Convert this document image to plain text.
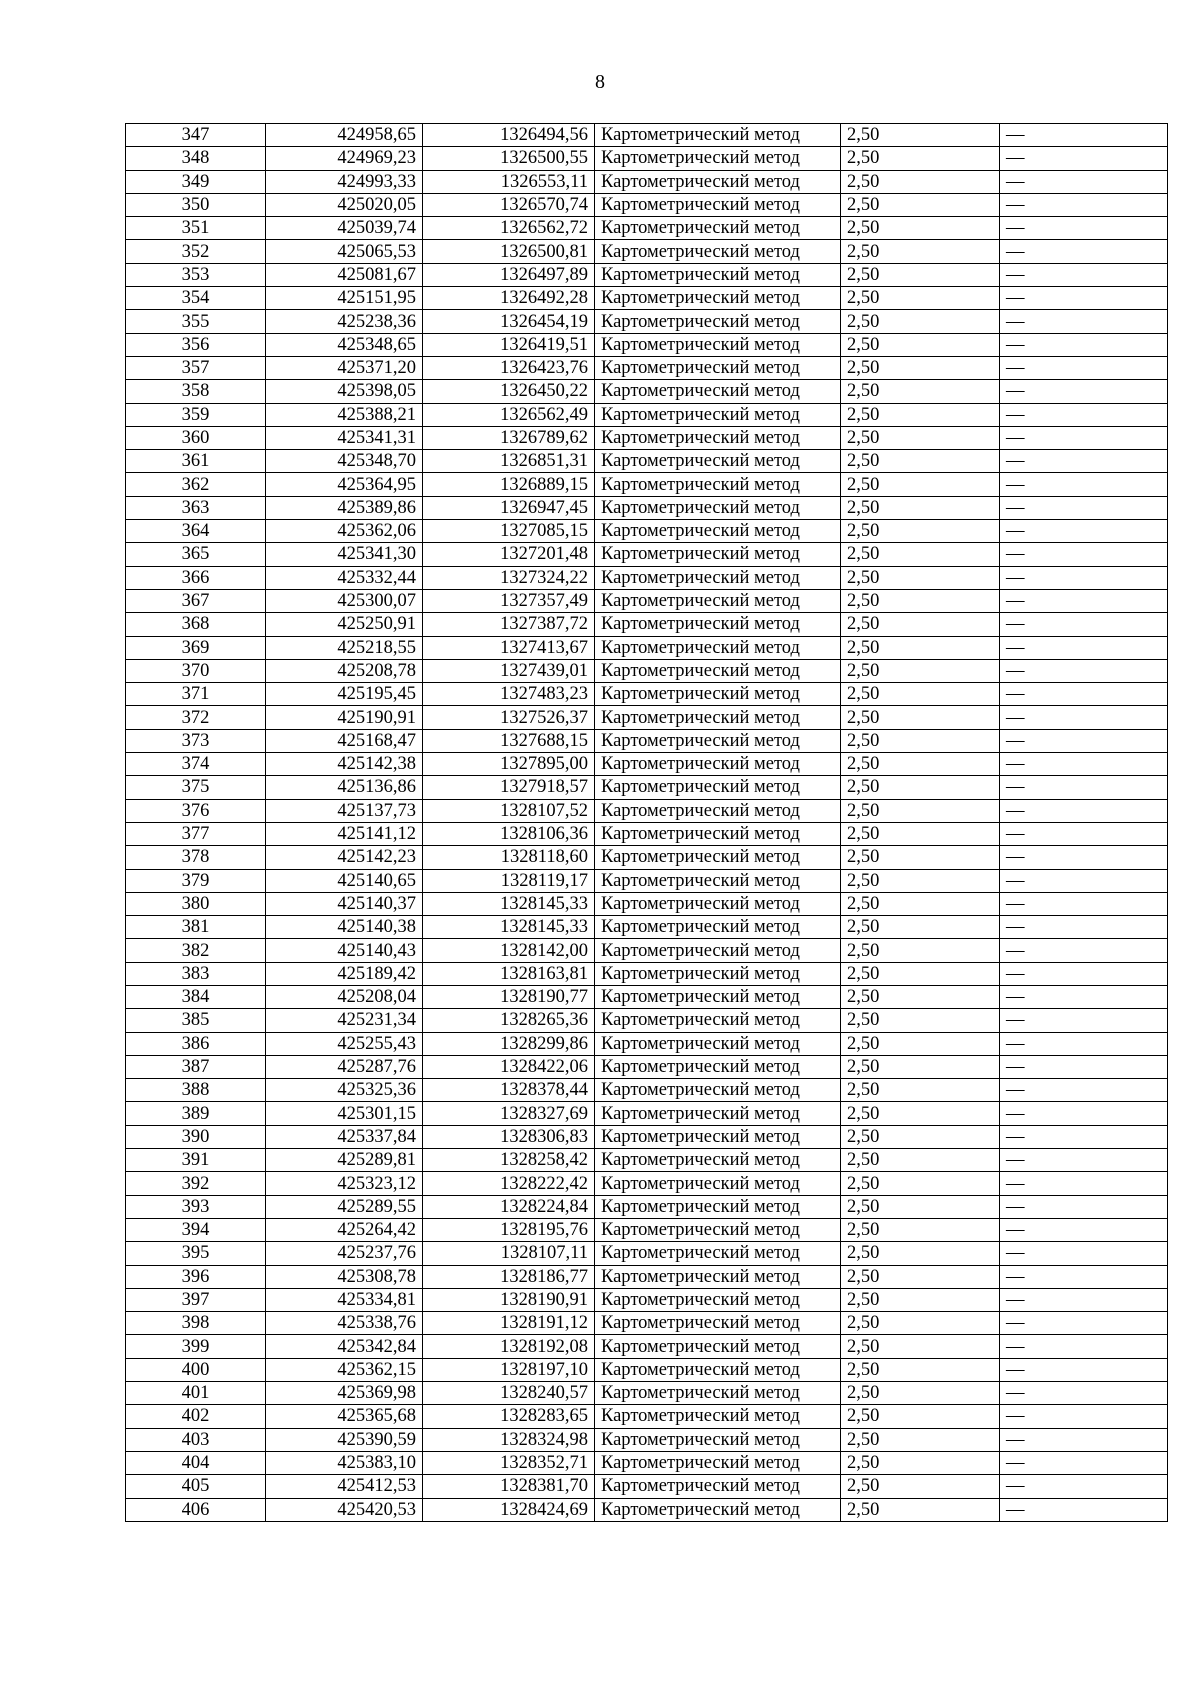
8
347	424958,65	1326494,56	Картометрический метод	2,50	—
348	424969,23	1326500,55	Картометрический метод	2,50	—
349	424993,33	1326553,11	Картометрический метод	2,50	—
350	425020,05	1326570,74	Картометрический метод	2,50	—
351	425039,74	1326562,72	Картометрический метод	2,50	—
352	425065,53	1326500,81	Картометрический метод	2,50	—
353	425081,67	1326497,89	Картометрический метод	2,50	—
354	425151,95	1326492,28	Картометрический метод	2,50	—
355	425238,36	1326454,19	Картометрический метод	2,50	—
356	425348,65	1326419,51	Картометрический метод	2,50	—
357	425371,20	1326423,76	Картометрический метод	2,50	—
358	425398,05	1326450,22	Картометрический метод	2,50	—
359	425388,21	1326562,49	Картометрический метод	2,50	—
360	425341,31	1326789,62	Картометрический метод	2,50	—
361	425348,70	1326851,31	Картометрический метод	2,50	—
362	425364,95	1326889,15	Картометрический метод	2,50	—
363	425389,86	1326947,45	Картометрический метод	2,50	—
364	425362,06	1327085,15	Картометрический метод	2,50	—
365	425341,30	1327201,48	Картометрический метод	2,50	—
366	425332,44	1327324,22	Картометрический метод	2,50	—
367	425300,07	1327357,49	Картометрический метод	2,50	—
368	425250,91	1327387,72	Картометрический метод	2,50	—
369	425218,55	1327413,67	Картометрический метод	2,50	—
370	425208,78	1327439,01	Картометрический метод	2,50	—
371	425195,45	1327483,23	Картометрический метод	2,50	—
372	425190,91	1327526,37	Картометрический метод	2,50	—
373	425168,47	1327688,15	Картометрический метод	2,50	—
374	425142,38	1327895,00	Картометрический метод	2,50	—
375	425136,86	1327918,57	Картометрический метод	2,50	—
376	425137,73	1328107,52	Картометрический метод	2,50	—
377	425141,12	1328106,36	Картометрический метод	2,50	—
378	425142,23	1328118,60	Картометрический метод	2,50	—
379	425140,65	1328119,17	Картометрический метод	2,50	—
380	425140,37	1328145,33	Картометрический метод	2,50	—
381	425140,38	1328145,33	Картометрический метод	2,50	—
382	425140,43	1328142,00	Картометрический метод	2,50	—
383	425189,42	1328163,81	Картометрический метод	2,50	—
384	425208,04	1328190,77	Картометрический метод	2,50	—
385	425231,34	1328265,36	Картометрический метод	2,50	—
386	425255,43	1328299,86	Картометрический метод	2,50	—
387	425287,76	1328422,06	Картометрический метод	2,50	—
388	425325,36	1328378,44	Картометрический метод	2,50	—
389	425301,15	1328327,69	Картометрический метод	2,50	—
390	425337,84	1328306,83	Картометрический метод	2,50	—
391	425289,81	1328258,42	Картометрический метод	2,50	—
392	425323,12	1328222,42	Картометрический метод	2,50	—
393	425289,55	1328224,84	Картометрический метод	2,50	—
394	425264,42	1328195,76	Картометрический метод	2,50	—
395	425237,76	1328107,11	Картометрический метод	2,50	—
396	425308,78	1328186,77	Картометрический метод	2,50	—
397	425334,81	1328190,91	Картометрический метод	2,50	—
398	425338,76	1328191,12	Картометрический метод	2,50	—
399	425342,84	1328192,08	Картометрический метод	2,50	—
400	425362,15	1328197,10	Картометрический метод	2,50	—
401	425369,98	1328240,57	Картометрический метод	2,50	—
402	425365,68	1328283,65	Картометрический метод	2,50	—
403	425390,59	1328324,98	Картометрический метод	2,50	—
404	425383,10	1328352,71	Картометрический метод	2,50	—
405	425412,53	1328381,70	Картометрический метод	2,50	—
406	425420,53	1328424,69	Картометрический метод	2,50	—
